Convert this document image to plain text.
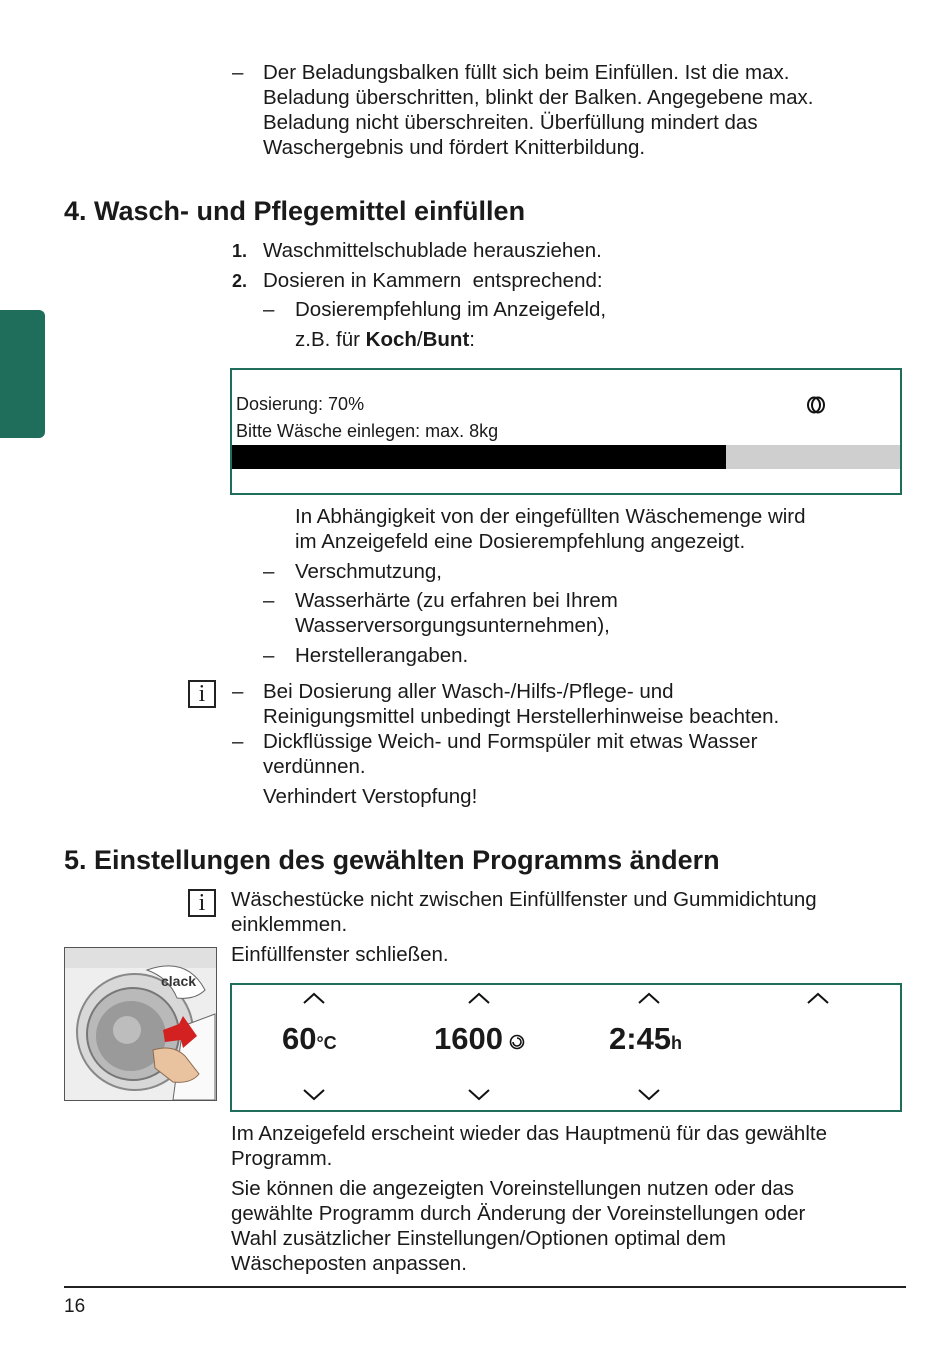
– Der Beladungsbalken füllt sich beim Einfüllen. Ist die max.
Beladung überschritten, blinkt der Balken. Angegebene max.
Beladung nicht überschreiten. Überfüllung mindert das
Waschergebnis und fördert Knitterbildung.
4. Wasch- und Pflegemittel einfüllen
1. Waschmittelschublade herausziehen.
2. Dosieren in Kammern  entsprechend:
–	Dosierempfehlung im Anzeigefeld,
z.B. für Koch/Bunt:
Dosierung: 70%
Bitte Wäsche einlegen: max. 8kg
In Abhängigkeit von der eingefüllten Wäschemenge wird
im Anzeigefeld eine Dosierempfehlung angezeigt.
–	Verschmutzung,
–	Wasserhärte (zu erfahren bei Ihrem
Wasserversorgungsunternehmen),
–	Herstellerangaben.
i	– Bei Dosierung aller Wasch-/Hilfs-/Pflege- und
Reinigungsmittel unbedingt Herstellerhinweise beachten.
– Dickflüssige Weich- und Formspüler mit etwas Wasser
verdünnen.
Verhindert Verstopfung!
5. Einstellungen des gewählten Programms ändern
i	Wäschestücke nicht zwischen Einfüllfenster und Gummidichtung
einklemmen.
Einfüllfenster schließen.
clack
60°C	1600	2:45h
Im Anzeigefeld erscheint wieder das Hauptmenü für das gewählte
Programm.
Sie können die angezeigten Voreinstellungen nutzen oder das
gewählte Programm durch Änderung der Voreinstellungen oder
Wahl zusätzlicher Einstellungen/Optionen optimal dem
Wäscheposten anpassen.
16
